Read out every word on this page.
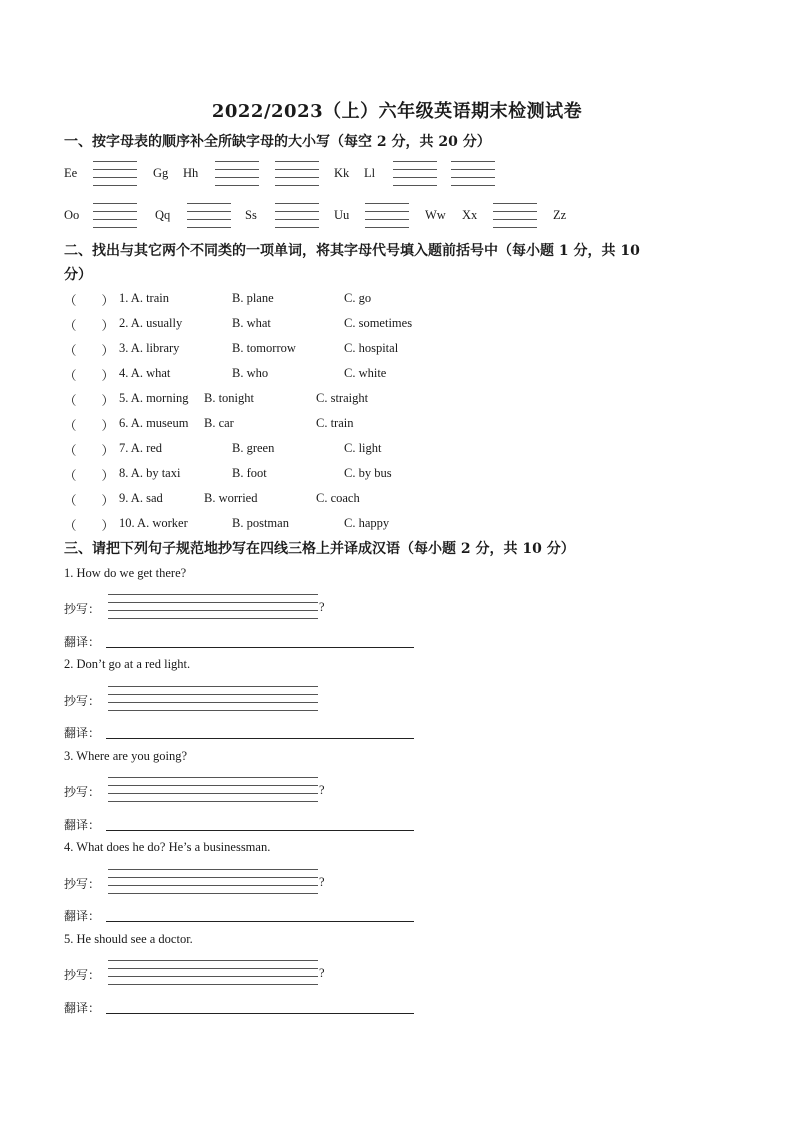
2022/2023（上）六年级英语期末检测试卷
一、按字母表的顺序补全所缺字母的大小写（每空 2 分，共 20 分）
Ee	Gg Hh	Kk Ll
Oo	Qq	Ss	Uu	Ww Xx	Zz
二、找出与其它两个不同类的一项单词，将其字母代号填入题前括号中（每小题 1 分，共 10
分）
（　　） 1. A. train	B. plane	C. go
（　　） 2. A. usually	B. what	C. sometimes
（　　） 3. A. library	B. tomorrow	C. hospital
（　　） 4. A. what	B. who	C. white
（　　） 5. A. morning B. tonight	C. straight
（　　） 6. A. museum B. car	C. train
（　　） 7. A. red	B. green	C. light
（　　） 8. A. by taxi	B. foot	C. by bus
（　　） 9. A. sad	B. worried	C. coach
（　　） 10. A. worker	B. postman	C. happy
三、请把下列句子规范地抄写在四线三格上并译成汉语（每小题 2 分，共 10 分）
1. How do we get there?
抄写：	?
翻译：
2. Don’t go at a red light.
抄写：
翻译：
3. Where are you going?
抄写：	?
翻译：
4. What does he do? He’s a businessman.
抄写：	?
翻译：
5. He should see a doctor.
抄写：	?
翻译：
